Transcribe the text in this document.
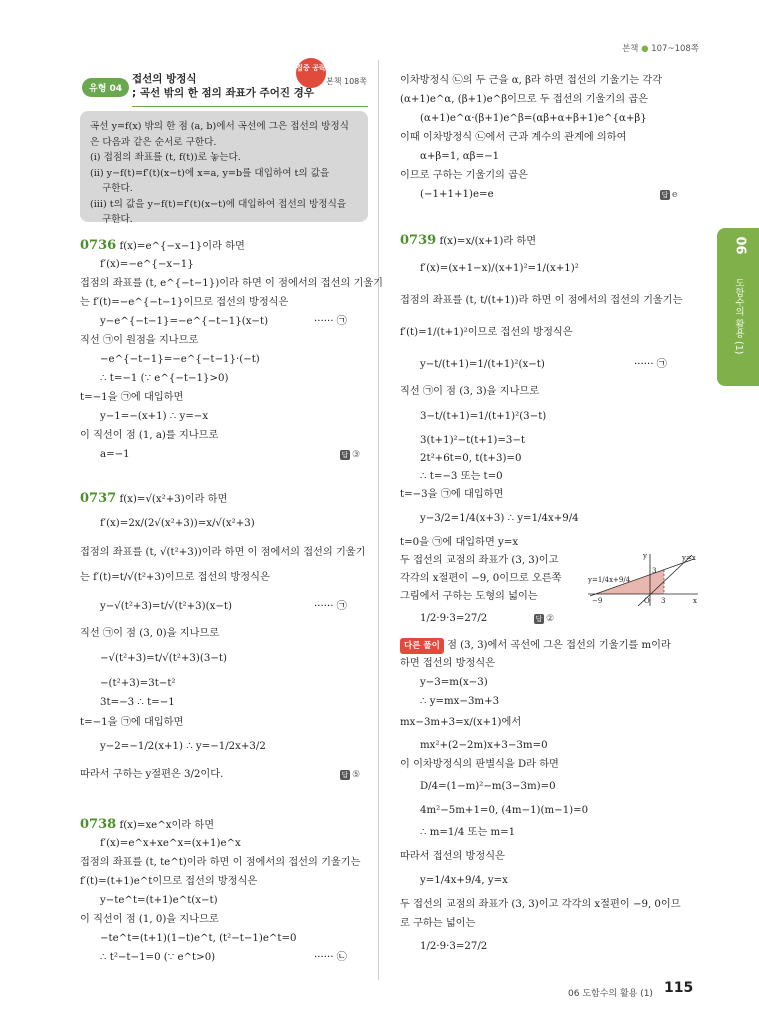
본책 ● 107~108쪽
06
도함수의 활용 (1)
유형 04
접선의 방정식
; 곡선 밖의 한 점의 좌표가 주어진 경우
집중 공략
본책 108쪽
곡선 y=f(x) 밖의 한 점 (a, b)에서 곡선에 그은 접선의 방정식
은 다음과 같은 순서로 구한다.
(i) 접점의 좌표를 (t, f(t))로 놓는다.
(ii) y−f(t)=f′(t)(x−t)에 x=a, y=b를 대입하여 t의 값을
구한다.
(iii) t의 값을 y−f(t)=f′(t)(x−t)에 대입하여 접선의 방정식을
구한다.
0736 f(x)=e^{−x−1}이라 하면
f′(x)=−e^{−x−1}
접점의 좌표를 (t, e^{−t−1})이라 하면 이 점에서의 접선의 기울기
는 f′(t)=−e^{−t−1}이므로 접선의 방정식은
y−e^{−t−1}=−e^{−t−1}(x−t)	······ ㉠
직선 ㉠이 원점을 지나므로
−e^{−t−1}=−e^{−t−1}·(−t)
∴ t=−1 (∵ e^{−t−1}>0)
t=−1을 ㉠에 대입하면
y−1=−(x+1) ∴ y=−x
이 직선이 점 (1, a)를 지나므로
a=−1	답 ③
0737 f(x)=√(x²+3)이라 하면
f′(x)=2x/(2√(x²+3))=x/√(x²+3)
접점의 좌표를 (t, √(t²+3))이라 하면 이 점에서의 접선의 기울기
는 f′(t)=t/√(t²+3)이므로 접선의 방정식은
y−√(t²+3)=t/√(t²+3)(x−t)	······ ㉠
직선 ㉠이 점 (3, 0)을 지나므로
−√(t²+3)=t/√(t²+3)(3−t)
−(t²+3)=3t−t²
3t=−3 ∴ t=−1
t=−1을 ㉠에 대입하면
y−2=−1/2(x+1) ∴ y=−1/2x+3/2
따라서 구하는 y절편은 3/2이다.	답 ⑤
0738 f(x)=xe^x이라 하면
f′(x)=e^x+xe^x=(x+1)e^x
접점의 좌표를 (t, te^t)이라 하면 이 점에서의 접선의 기울기는
f′(t)=(t+1)e^t이므로 접선의 방정식은
y−te^t=(t+1)e^t(x−t)
이 직선이 점 (1, 0)을 지나므로
−te^t=(t+1)(1−t)e^t, (t²−t−1)e^t=0
∴ t²−t−1=0 (∵ e^t>0)	······ ㉡
이차방정식 ㉡의 두 근을 α, β라 하면 접선의 기울기는 각각
(α+1)e^α, (β+1)e^β이므로 두 접선의 기울기의 곱은
(α+1)e^α·(β+1)e^β=(αβ+α+β+1)e^{α+β}
이때 이차방정식 ㉡에서 근과 계수의 관계에 의하여
α+β=1, αβ=−1
이므로 구하는 기울기의 곱은
(−1+1+1)e=e	답 e
0739 f(x)=x/(x+1)라 하면
f′(x)=(x+1−x)/(x+1)²=1/(x+1)²
접점의 좌표를 (t, t/(t+1))라 하면 이 점에서의 접선의 기울기는
f′(t)=1/(t+1)²이므로 접선의 방정식은
y−t/(t+1)=1/(t+1)²(x−t)	······ ㉠
직선 ㉠이 점 (3, 3)을 지나므로
3−t/(t+1)=1/(t+1)²(3−t)
3(t+1)²−t(t+1)=3−t
2t²+6t=0, t(t+3)=0
∴ t=−3 또는 t=0
t=−3을 ㉠에 대입하면
y−3/2=1/4(x+3) ∴ y=1/4x+9/4
t=0을 ㉠에 대입하면 y=x
두 접선의 교점의 좌표가 (3, 3)이고
각각의 x절편이 −9, 0이므로 오른쪽
그림에서 구하는 도형의 넓이는
1/2·9·3=27/2	답 ②
y=1/4x+9/4
y=x
−9	O 3
3
x
y
다른 풀이 점 (3, 3)에서 곡선에 그은 접선의 기울기를 m이라
하면 접선의 방정식은
y−3=m(x−3)
∴ y=mx−3m+3
mx−3m+3=x/(x+1)에서
mx²+(2−2m)x+3−3m=0
이 이차방정식의 판별식을 D라 하면
D/4=(1−m)²−m(3−3m)=0
4m²−5m+1=0, (4m−1)(m−1)=0
∴ m=1/4 또는 m=1
따라서 접선의 방정식은
y=1/4x+9/4, y=x
두 접선의 교점의 좌표가 (3, 3)이고 각각의 x절편이 −9, 0이므
로 구하는 넓이는
1/2·9·3=27/2
06 도함수의 활용 (1) 115
